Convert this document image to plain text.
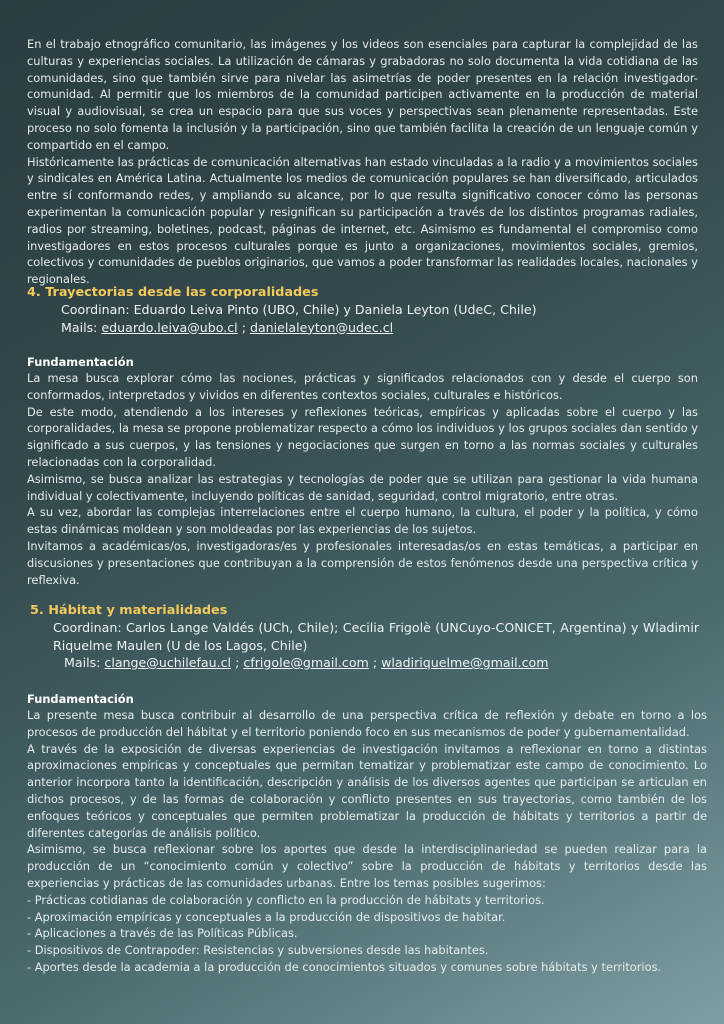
En el trabajo etnográfico comunitario, las imágenes y los videos son esenciales para capturar la complejidad de las culturas y experiencias sociales. La utilización de cámaras y grabadoras no solo documenta la vida cotidiana de las comunidades, sino que también sirve para nivelar las asimetrías de poder presentes en la relación investigador-comunidad. Al permitir que los miembros de la comunidad participen activamente en la producción de material visual y audiovisual, se crea un espacio para que sus voces y perspectivas sean plenamente representadas. Este proceso no solo fomenta la inclusión y la participación, sino que también facilita la creación de un lenguaje común y compartido en el campo.

Históricamente las prácticas de comunicación alternativas han estado vinculadas a la radio y a movimientos sociales y sindicales en América Latina. Actualmente los medios de comunicación populares se han diversificado, articulados entre sí conformando redes, y ampliando su alcance, por lo que resulta significativo conocer cómo las personas experimentan la comunicación popular y resignifican su participación a través de los distintos programas radiales, radios por streaming, boletines, podcast, páginas de internet, etc. Asimismo es fundamental el compromiso como investigadores en estos procesos culturales porque es junto a organizaciones, movimientos sociales, gremios, colectivos y comunidades de pueblos originarios, que vamos a poder transformar las realidades locales, nacionales y regionales.

4. Trayectorias desde las corporalidades

Coordinan: Eduardo Leiva Pinto (UBO, Chile) y Daniela Leyton (UdeC, Chile)

Mails: eduardo.leiva@ubo.cl ; danielaleyton@udec.cl

Fundamentación

La mesa busca explorar cómo las nociones, prácticas y significados relacionados con y desde el cuerpo son conformados, interpretados y vividos en diferentes contextos sociales, culturales e históricos.

De este modo, atendiendo a los intereses y reflexiones teóricas, empíricas y aplicadas sobre el cuerpo y las corporalidades, la mesa se propone problematizar respecto a cómo los individuos y los grupos sociales dan sentido y significado a sus cuerpos, y las tensiones y negociaciones que surgen en torno a las normas sociales y culturales relacionadas con la corporalidad.

Asimismo, se busca analizar las estrategias y tecnologías de poder que se utilizan para gestionar la vida humana individual y colectivamente, incluyendo políticas de sanidad, seguridad, control migratorio, entre otras.

A su vez, abordar las complejas interrelaciones entre el cuerpo humano, la cultura, el poder y la política, y cómo estas dinámicas moldean y son moldeadas por las experiencias de los sujetos.

Invitamos a académicas/os, investigadoras/es y profesionales interesadas/os en estas temáticas, a participar en discusiones y presentaciones que contribuyan a la comprensión de estos fenómenos desde una perspectiva crítica y reflexiva.

5. Hábitat y materialidades

Coordinan: Carlos Lange Valdés (UCh, Chile); Cecilia Frigolè (UNCuyo-CONICET, Argentina) y Wladimir Riquelme Maulen (U de los Lagos, Chile)

Mails: clange@uchilefau.cl ; cfrigole@gmail.com ; wladiriquelme@gmail.com

Fundamentación

La presente mesa busca contribuir al desarrollo de una perspectiva crítica de reflexión y debate en torno a los procesos de producción del hábitat y el territorio poniendo foco en sus mecanismos de poder y gubernamentalidad.

A través de la exposición de diversas experiencias de investigación invitamos a reflexionar en torno a distintas aproximaciones empíricas y conceptuales que permitan tematizar y problematizar este campo de conocimiento. Lo anterior incorpora tanto la identificación, descripción y análisis de los diversos agentes que participan se articulan en dichos procesos, y de las formas de colaboración y conflicto presentes en sus trayectorias, como también de los enfoques teóricos y conceptuales que permiten problematizar la producción de hábitats y territorios a partir de diferentes categorías de análisis político.

Asimismo, se busca reflexionar sobre los aportes que desde la interdisciplinariedad se pueden realizar para la producción de un “conocimiento común y colectivo” sobre la producción de hábitats y territorios desde las experiencias y prácticas de las comunidades urbanas. Entre los temas posibles sugerimos:

- Prácticas cotidianas de colaboración y conflicto en la producción de hábitats y territorios.
- Aproximación empíricas y conceptuales a la producción de dispositivos de habitar.
- Aplicaciones a través de las Políticas Públicas.
- Dispositivos de Contrapoder: Resistencias y subversiones desde las habitantes.
- Aportes desde la academia a la producción de conocimientos situados y comunes sobre hábitats y territorios.
